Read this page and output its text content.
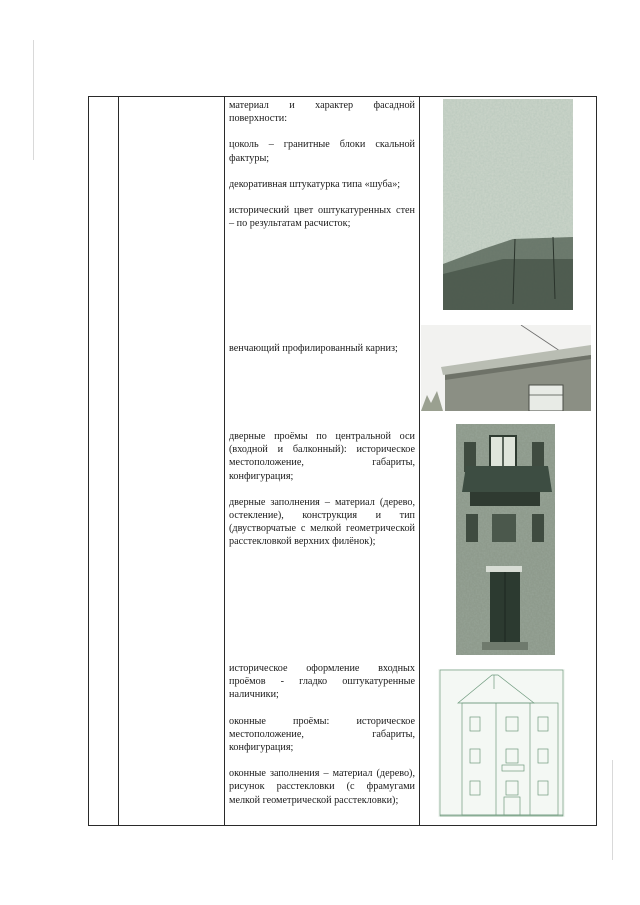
материал и характер фасадной поверхности:

цоколь – гранитные блоки скальной фактуры;

декоративная штукатурка типа «шуба»;

исторический цвет оштукатуренных стен – по результатам расчисток;

венчающий профилированный карниз;

дверные проёмы по центральной оси (входной и балконный): историческое местоположение, габариты, конфигурация;

дверные заполнения – материал (дерево, остекление), конструкция и тип (двустворчатые с мелкой геометрической расстекловкой верхних филёнок);

историческое оформление входных проёмов - гладко оштукатуренные наличники;

оконные проёмы: историческое местоположение, габариты, конфигурация;

оконные заполнения – материал (дерево), рисунок расстекловки (с фрамугами мелкой геометрической расстекловки);
